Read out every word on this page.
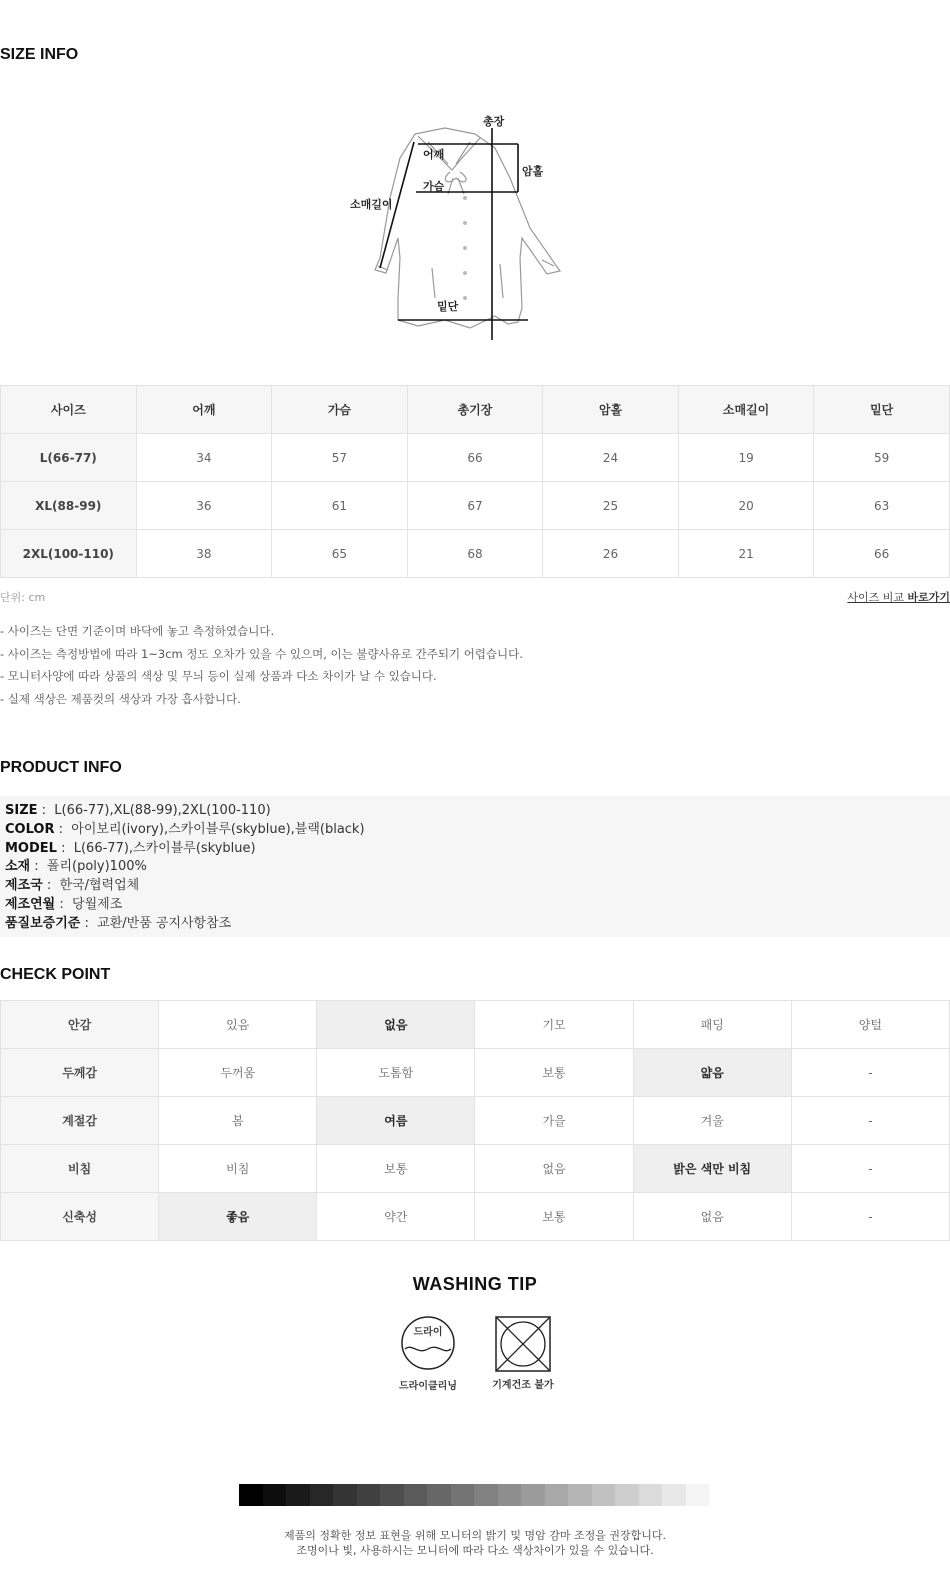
SIZE INFO
총장
어깨
암홀
가슴
소매길이
밑단
사이즈	어깨	가슴	총기장	암홀	소매길이	밑단
L(66-77)	34	57	66	24	19	59
XL(88-99)	36	61	67	25	20	63
2XL(100-110)	38	65	68	26	21	66
단위: cm	사이즈 비교 바로가기
- 사이즈는 단면 기준이며 바닥에 놓고 측정하였습니다.
- 사이즈는 측정방법에 따라 1~3cm 정도 오차가 있을 수 있으며, 이는 불량사유로 간주되기 어렵습니다.
- 모니터사양에 따라 상품의 색상 및 무늬 등이 실제 상품과 다소 차이가 날 수 있습니다.
- 실제 색상은 제품컷의 색상과 가장 흡사합니다.
PRODUCT INFO
SIZE :  L(66-77),XL(88-99),2XL(100-110)
COLOR :  아이보리(ivory),스카이블루(skyblue),블랙(black)
MODEL :  L(66-77),스카이블루(skyblue)
소재 :  폴리(poly)100%
제조국 :  한국/협력업체
제조연월 :  당월제조
품질보증기준 :  교환/반품 공지사항참조
CHECK POINT
안감	있음	없음	기모	패딩	양털
두께감	두꺼움	도톰함	보통	얇음	-
계절감	봄	여름	가을	겨울	-
비침	비침	보통	없음	밝은 색만 비침	-
신축성	좋음	약간	보통	없음	-
WASHING TIP
드라이
드라이클리닝	기계건조 불가
제품의 정확한 정보 표현을 위해 모니터의 밝기 및 명암 감마 조정을 권장합니다.
조명이나 빛, 사용하시는 모니터에 따라 다소 색상차이가 있을 수 있습니다.
